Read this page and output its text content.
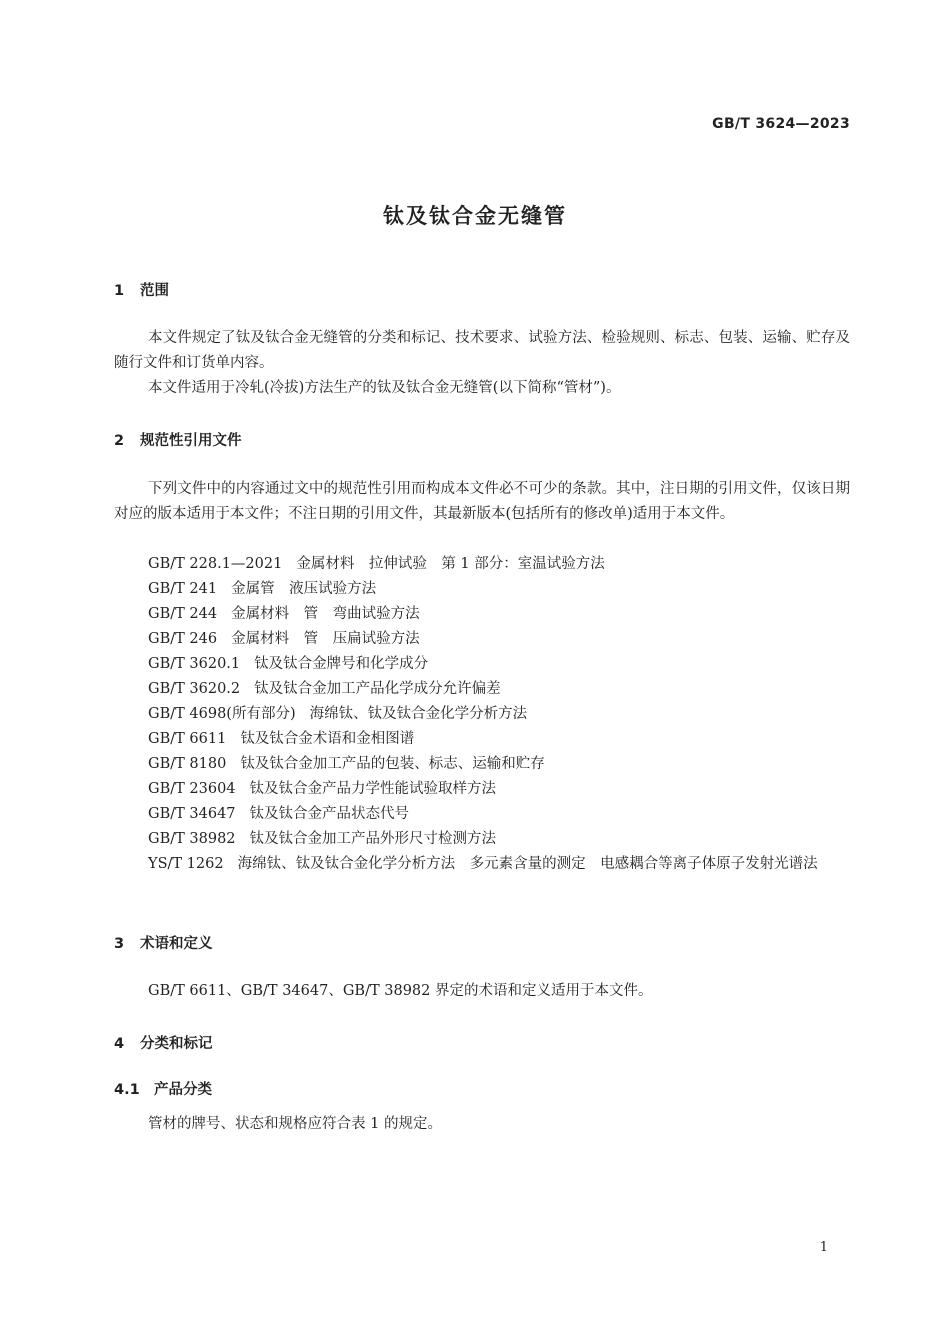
GB/T 3624—2023
钛及钛合金无缝管
1 范围
本文件规定了钛及钛合金无缝管的分类和标记、技术要求、试验方法、检验规则、标志、包装、运输、贮存及随行文件和订货单内容。
本文件适用于冷轧(冷拔)方法生产的钛及钛合金无缝管(以下简称“管材”)。
2 规范性引用文件
下列文件中的内容通过文中的规范性引用而构成本文件必不可少的条款。其中，注日期的引用文件，仅该日期对应的版本适用于本文件；不注日期的引用文件，其最新版本(包括所有的修改单)适用于本文件。
GB/T 228.1—2021 金属材料　拉伸试验　第 1 部分：室温试验方法
GB/T 241 金属管　液压试验方法
GB/T 244 金属材料　管　弯曲试验方法
GB/T 246 金属材料　管　压扁试验方法
GB/T 3620.1 钛及钛合金牌号和化学成分
GB/T 3620.2 钛及钛合金加工产品化学成分允许偏差
GB/T 4698(所有部分) 海绵钛、钛及钛合金化学分析方法
GB/T 6611 钛及钛合金术语和金相图谱
GB/T 8180 钛及钛合金加工产品的包装、标志、运输和贮存
GB/T 23604 钛及钛合金产品力学性能试验取样方法
GB/T 34647 钛及钛合金产品状态代号
GB/T 38982 钛及钛合金加工产品外形尺寸检测方法
YS/T 1262 海绵钛、钛及钛合金化学分析方法　多元素含量的测定　电感耦合等离子体原子发射光谱法
3 术语和定义
GB/T 6611、GB/T 34647、GB/T 38982 界定的术语和定义适用于本文件。
4 分类和标记
4.1 产品分类
管材的牌号、状态和规格应符合表 1 的规定。
1
